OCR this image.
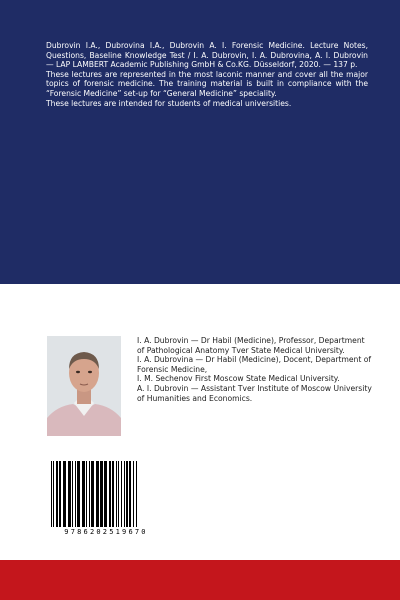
Dubrovin I.A., Dubrovina I.A., Dubrovin A. I. Forensic Medicine. Lecture Notes, Questions, Baseline Knowledge Test / I. A. Dubrovin, I. A. Dubrovina, A. I. Dubrovin — LAP LAMBERT Academic Publishing GmbH & Co.KG. Düsseldorf, 2020. — 137 p.

These lectures are represented in the most laconic manner and cover all the major topics of forensic medicine. The training material is built in compliance with the “Forensic Medicine” set-up for “General Medicine” speciality.

These lectures are intended for students of medical universities.

I. A. Dubrovin — Dr Habil (Medicine), Professor, Department of Pathological Anatomy Tver State Medical University.

I. A. Dubrovina — Dr Habil (Medicine), Docent, Department of Forensic Medicine,

I. M. Sechenov First Moscow State Medical University.

A. I. Dubrovin — Assistant Tver Institute of Moscow University of Humanities and Economics.

9786202519670
